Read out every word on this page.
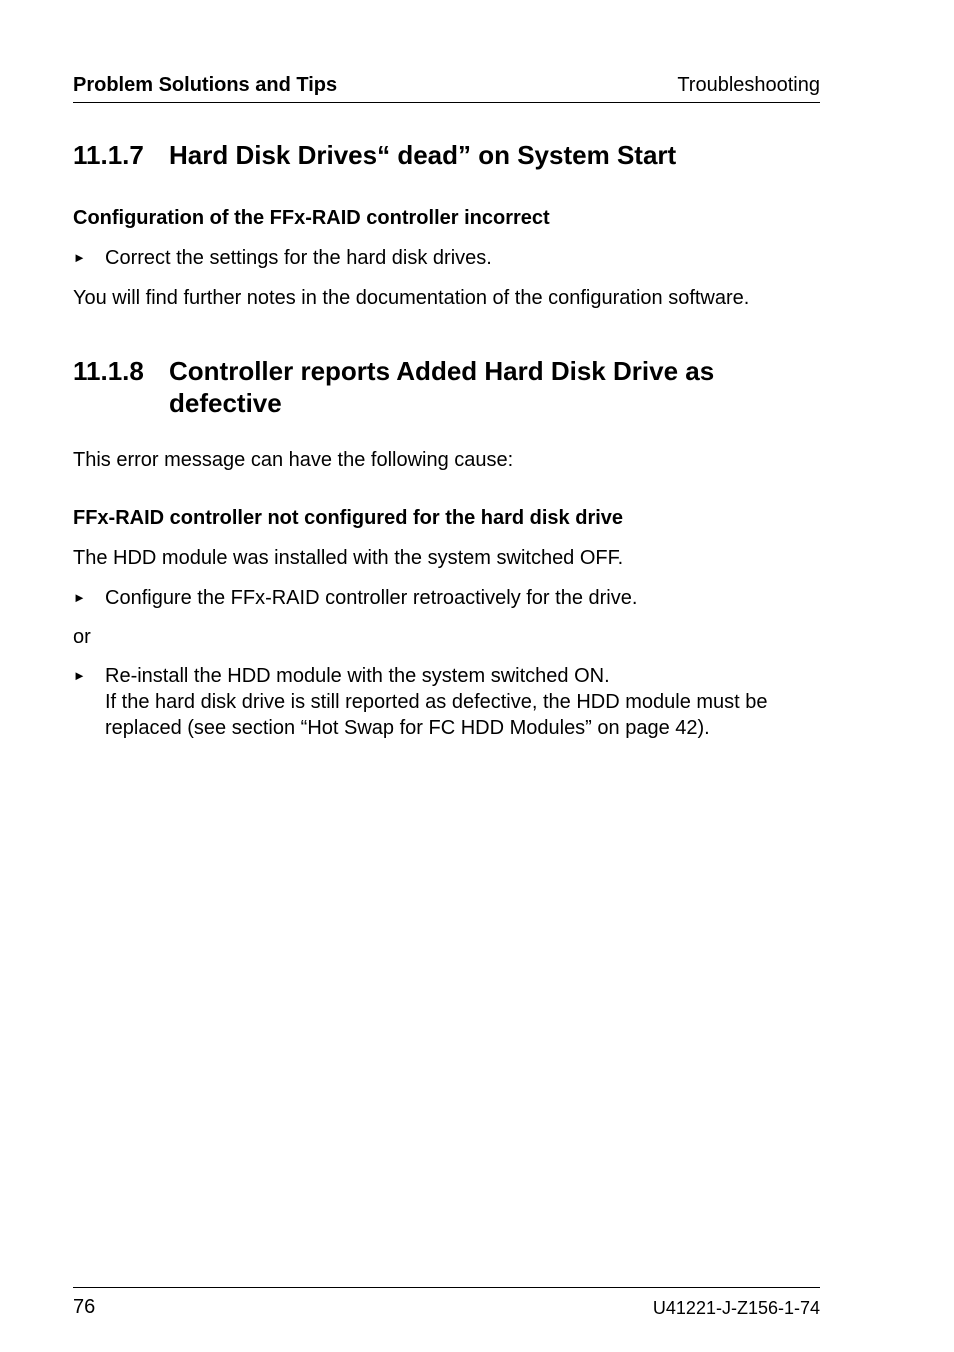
Problem Solutions and Tips	Troubleshooting
11.1.7 Hard Disk Drives“ dead” on System Start
Configuration of the FFx-RAID controller incorrect
► Correct the settings for the hard disk drives.

You will find further notes in the documentation of the configuration software.

11.1.8 Controller reports Added Hard Disk Drive as defective

This error message can have the following cause:

FFx-RAID controller not configured for the hard disk drive

The HDD module was installed with the system switched OFF.

► Configure the FFx-RAID controller retroactively for the drive.

or

► Re-install the HDD module with the system switched ON.
If the hard disk drive is still reported as defective, the HDD module must be replaced (see section “Hot Swap for FC HDD Modules” on page 42).
76	U41221-J-Z156-1-74
